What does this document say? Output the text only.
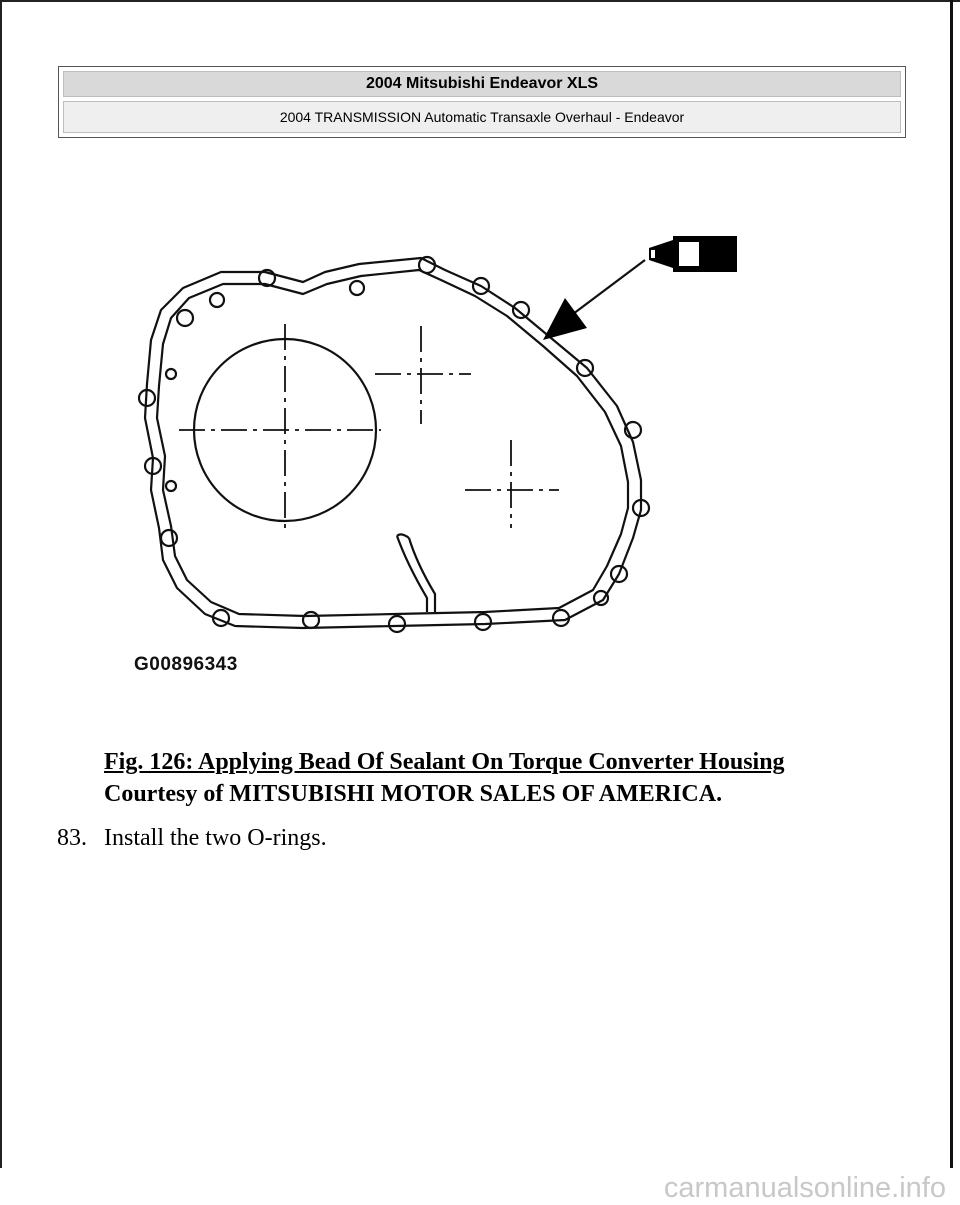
2004 Mitsubishi Endeavor XLS
2004 TRANSMISSION Automatic Transaxle Overhaul - Endeavor
G00896343
Fig. 126: Applying Bead Of Sealant On Torque Converter Housing
Courtesy of MITSUBISHI MOTOR SALES OF AMERICA.
83. Install the two O-rings.
carmanualsonline.info
